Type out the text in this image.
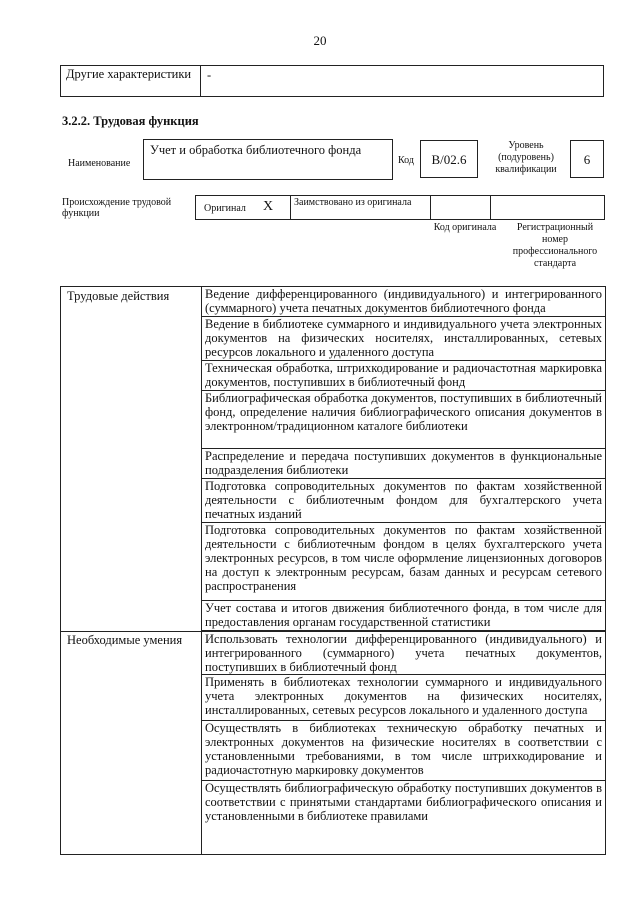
20
Другие характеристики	-
3.2.2. Трудовая функция
Наименование
Учет и обработка библиотечного фонда
Код	B/02.6
Уровень (подуровень) квалификации
6
Происхождение трудовой функции	Оригинал X	Заимствовано из оригинала
Код оригинала	Регистрационный номер профессионального стандарта
Трудовые действия	Ведение дифференцированного (индивидуального) и интегрированного (суммарного) учета печатных документов библиотечного фонда
Ведение в библиотеке суммарного и индивидуального учета электронных документов на физических носителях, инсталлированных, сетевых ресурсов локального и удаленного доступа
Техническая обработка, штрихкодирование и радиочастотная маркировка документов, поступивших в библиотечный фонд
Библиографическая обработка документов, поступивших в библиотечный фонд, определение наличия библиографического описания документов в электронном/традиционном каталоге библиотеки
Распределение и передача поступивших документов в функциональные подразделения библиотеки
Подготовка сопроводительных документов по фактам хозяйственной деятельности с библиотечным фондом для бухгалтерского учета печатных изданий
Подготовка сопроводительных документов по фактам хозяйственной деятельности с библиотечным фондом в целях бухгалтерского учета электронных ресурсов, в том числе оформление лицензионных договоров на доступ к электронным ресурсам, базам данных и ресурсам сетевого распространения
Учет состава и итогов движения библиотечного фонда, в том числе для предоставления органам государственной статистики
Необходимые умения Использовать технологии дифференцированного (индивидуального) и интегрированного (суммарного) учета печатных документов, поступивших в библиотечный фонд
Применять в библиотеках технологии суммарного и индивидуального учета электронных документов на физических носителях, инсталлированных, сетевых ресурсов локального и удаленного доступа
Осуществлять в библиотеках техническую обработку печатных и электронных документов на физические носителях в соответствии с установленными требованиями, в том числе штрихкодирование и радиочастотную маркировку документов
Осуществлять библиографическую обработку поступивших документов в соответствии с принятыми стандартами библиографического описания и установленными в библиотеке правилами
